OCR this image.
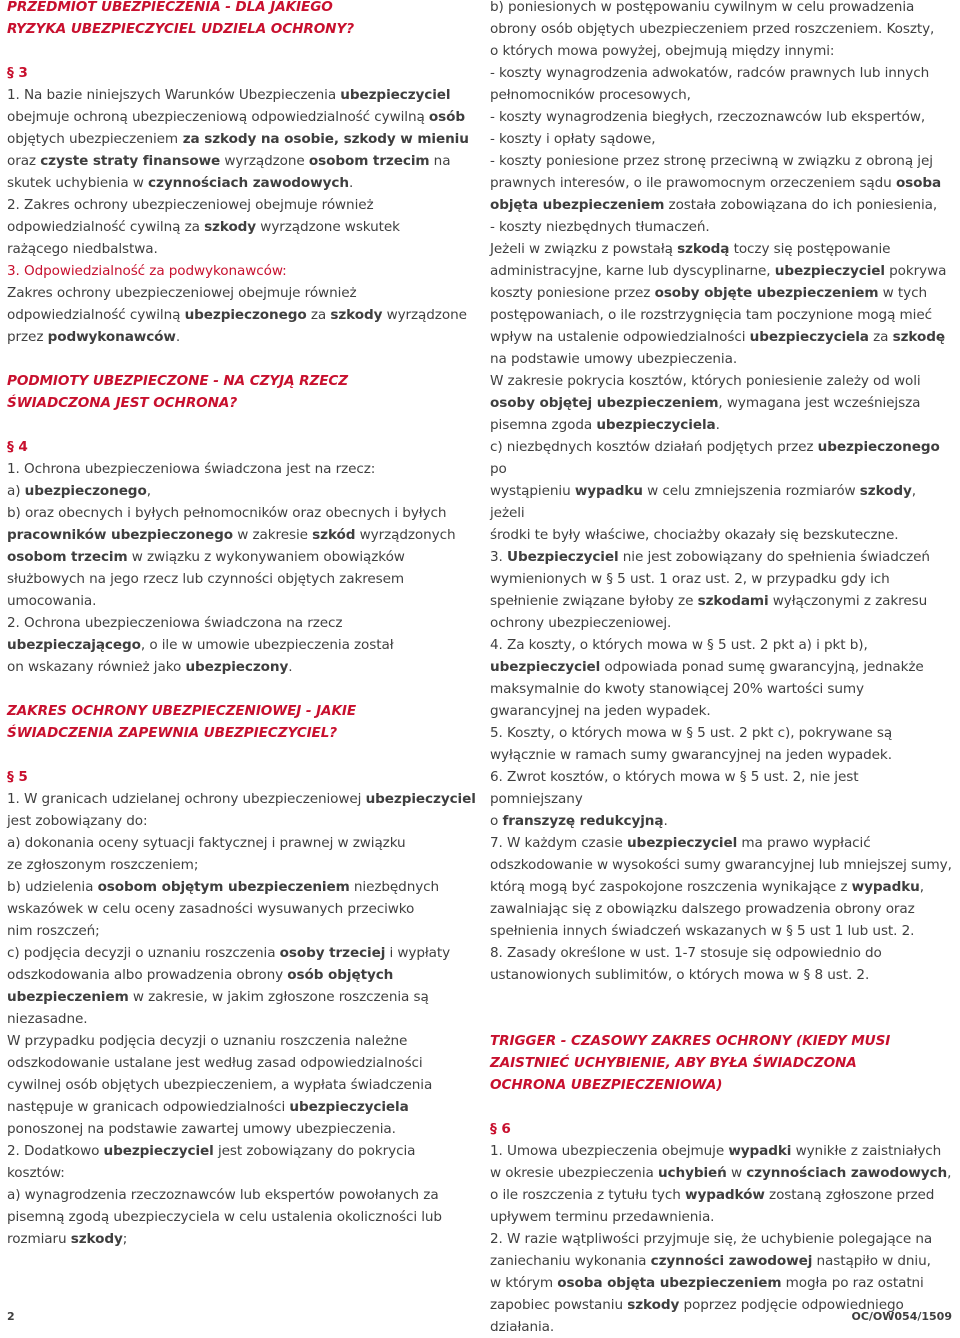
PRZEDMIOT UBEZPIECZENIA - DLA JAKIEGO
RYZYKA UBEZPIECZYCIEL UDZIELA OCHRONY?
§ 3
1. Na bazie niniejszych Warunków Ubezpieczenia ubezpieczyciel
obejmuje ochroną ubezpieczeniową odpowiedzialność cywilną osób
objętych ubezpieczeniem za szkody na osobie, szkody w mieniu
oraz czyste straty finansowe wyrządzone osobom trzecim na
skutek uchybienia w czynnościach zawodowych.
2. Zakres ochrony ubezpieczeniowej obejmuje również
odpowiedzialność cywilną za szkody wyrządzone wskutek
rażącego niedbalstwa.
3. Odpowiedzialność za podwykonawców:
Zakres ochrony ubezpieczeniowej obejmuje również
odpowiedzialność cywilną ubezpieczonego za szkody wyrządzone
przez podwykonawców.
PODMIOTY UBEZPIECZONE - NA CZYJĄ RZECZ
ŚWIADCZONA JEST OCHRONA?
§ 4
1. Ochrona ubezpieczeniowa świadczona jest na rzecz:
a) ubezpieczonego,
b) oraz obecnych i byłych pełnomocników oraz obecnych i byłych
pracowników ubezpieczonego w zakresie szkód wyrządzonych
osobom trzecim w związku z wykonywaniem obowiązków
służbowych na jego rzecz lub czynności objętych zakresem
umocowania.
2. Ochrona ubezpieczeniowa świadczona na rzecz
ubezpieczającego, o ile w umowie ubezpieczenia został
on wskazany również jako ubezpieczony.
ZAKRES OCHRONY UBEZPIECZENIOWEJ - JAKIE
ŚWIADCZENIA ZAPEWNIA UBEZPIECZYCIEL?
§ 5
1. W granicach udzielanej ochrony ubezpieczeniowej ubezpieczyciel
jest zobowiązany do:
a) dokonania oceny sytuacji faktycznej i prawnej w związku
ze zgłoszonym roszczeniem;
b) udzielenia osobom objętym ubezpieczeniem niezbędnych
wskazówek w celu oceny zasadności wysuwanych przeciwko
nim roszczeń;
c) podjęcia decyzji o uznaniu roszczenia osoby trzeciej i wypłaty
odszkodowania albo prowadzenia obrony osób objętych
ubezpieczeniem w zakresie, w jakim zgłoszone roszczenia są
niezasadne.
W przypadku podjęcia decyzji o uznaniu roszczenia należne
odszkodowanie ustalane jest według zasad odpowiedzialności
cywilnej osób objętych ubezpieczeniem, a wypłata świadczenia
następuje w granicach odpowiedzialności ubezpieczyciela
ponoszonej na podstawie zawartej umowy ubezpieczenia.
2. Dodatkowo ubezpieczyciel jest zobowiązany do pokrycia kosztów:
a) wynagrodzenia rzeczoznawców lub ekspertów powołanych za
pisemną zgodą ubezpieczyciela w celu ustalenia okoliczności lub
rozmiaru szkody;
b) poniesionych w postępowaniu cywilnym w celu prowadzenia
obrony osób objętych ubezpieczeniem przed roszczeniem. Koszty,
o których mowa powyżej, obejmują między innymi:
- koszty wynagrodzenia adwokatów, radców prawnych lub innych
pełnomocników procesowych,
- koszty wynagrodzenia biegłych, rzeczoznawców lub ekspertów,
- koszty i opłaty sądowe,
- koszty poniesione przez stronę przeciwną w związku z obroną jej
prawnych interesów, o ile prawomocnym orzeczeniem sądu osoba
objęta ubezpieczeniem została zobowiązana do ich poniesienia,
- koszty niezbędnych tłumaczeń.
Jeżeli w związku z powstałą szkodą toczy się postępowanie
administracyjne, karne lub dyscyplinarne, ubezpieczyciel pokrywa
koszty poniesione przez osoby objęte ubezpieczeniem w tych
postępowaniach, o ile rozstrzygnięcia tam poczynione mogą mieć
wpływ na ustalenie odpowiedzialności ubezpieczyciela za szkodę
na podstawie umowy ubezpieczenia.
W zakresie pokrycia kosztów, których poniesienie zależy od woli
osoby objętej ubezpieczeniem, wymagana jest wcześniejsza
pisemna zgoda ubezpieczyciela.
c) niezbędnych kosztów działań podjętych przez ubezpieczonego po
wystąpieniu wypadku w celu zmniejszenia rozmiarów szkody, jeżeli
środki te były właściwe, chociażby okazały się bezskuteczne.
3. Ubezpieczyciel nie jest zobowiązany do spełnienia świadczeń
wymienionych w § 5 ust. 1 oraz ust. 2, w przypadku gdy ich
spełnienie związane byłoby ze szkodami wyłączonymi z zakresu
ochrony ubezpieczeniowej.
4. Za koszty, o których mowa w § 5 ust. 2 pkt a) i pkt b),
ubezpieczyciel odpowiada ponad sumę gwarancyjną, jednakże
maksymalnie do kwoty stanowiącej 20% wartości sumy
gwarancyjnej na jeden wypadek.
5. Koszty, o których mowa w § 5 ust. 2 pkt c), pokrywane są
wyłącznie w ramach sumy gwarancyjnej na jeden wypadek.
6. Zwrot kosztów, o których mowa w § 5 ust. 2, nie jest pomniejszany
o franszyzę redukcyjną.
7. W każdym czasie ubezpieczyciel ma prawo wypłacić
odszkodowanie w wysokości sumy gwarancyjnej lub mniejszej sumy,
którą mogą być zaspokojone roszczenia wynikające z wypadku,
zawalniając się z obowiązku dalszego prowadzenia obrony oraz
spełnienia innych świadczeń wskazanych w § 5 ust 1 lub ust. 2.
8. Zasady określone w ust. 1-7 stosuje się odpowiednio do
ustanowionych sublimitów, o których mowa w § 8 ust. 2.
TRIGGER - CZASOWY ZAKRES OCHRONY (KIEDY MUSI
ZAISTNIEĆ UCHYBIENIE, ABY BYŁA ŚWIADCZONA
OCHRONA UBEZPIECZENIOWA)
§ 6
1. Umowa ubezpieczenia obejmuje wypadki wynikłe z zaistniałych
w okresie ubezpieczenia uchybień w czynnościach zawodowych,
o ile roszczenia z tytułu tych wypadków zostaną zgłoszone przed
upływem terminu przedawnienia.
2. W razie wątpliwości przyjmuje się, że uchybienie polegające na
zaniechaniu wykonania czynności zawodowej nastąpiło w dniu,
w którym osoba objęta ubezpieczeniem mogła po raz ostatni
zapobiec powstaniu szkody poprzez podjęcie odpowiedniego
działania.
2	OC/OW054/1509
